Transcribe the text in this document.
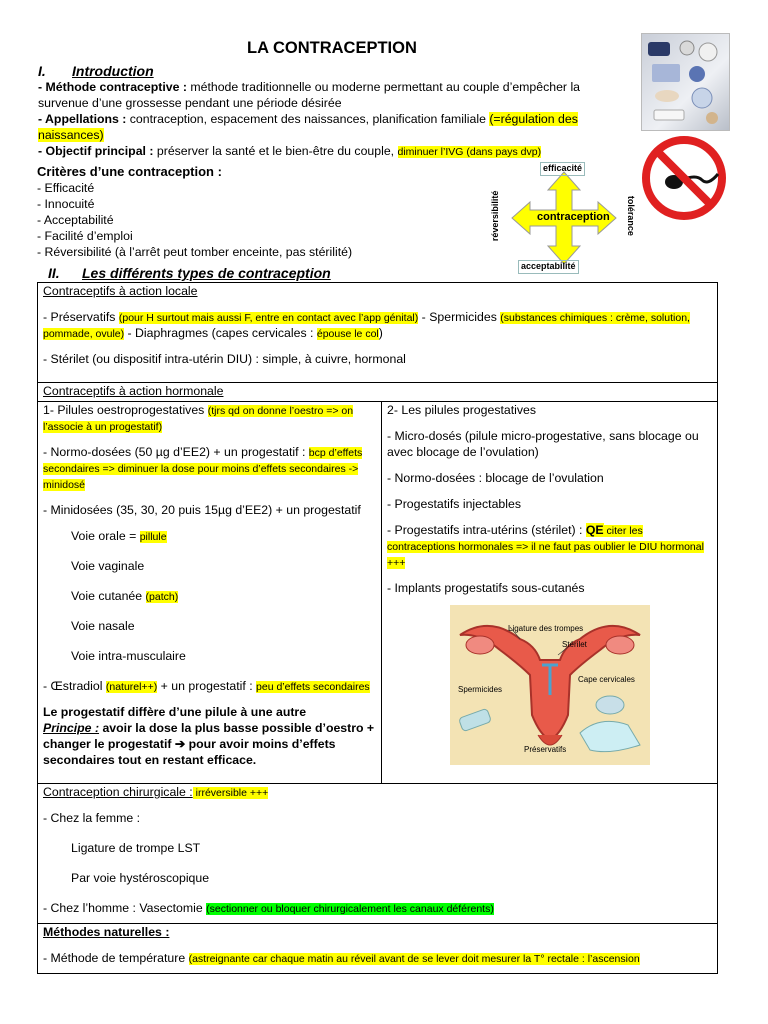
LA CONTRACEPTION
I. Introduction

- Méthode contraceptive : méthode traditionnelle ou moderne permettant au couple d’empêcher la survenue d’une grossesse pendant une période désirée

- Appellations : contraception, espacement des naissances, planification familiale (=régulation des naissances)

- Objectif principal : préserver la santé et le bien-être du couple, diminuer l’IVG (dans pays dvp)

Critères d’une contraception :

- Efficacité

- Innocuité

- Acceptabilité

- Facilité d’emploi

- Réversibilité (à l’arrêt peut tomber enceinte, pas stérilité)

contraception
efficacité
acceptabilité
réversibilité	tolérance
II. Les différents types de contraception

Contraceptifs à action locale

- Préservatifs (pour H surtout mais aussi F, entre en contact avec l’app génital) - Spermicides (substances chimiques : crème, solution, pommade, ovule) - Diaphragmes (capes cervicales : épouse le col)

- Stérilet (ou dispositif intra-utérin DIU) : simple, à cuivre, hormonal

Contraceptifs à action hormonale

1- Pilules oestroprogestatives (tjrs qd on donne l’oestro => on l’associe à un progestatif)

- Normo-dosées (50 µg d’EE2) + un progestatif : bcp d’effets secondaires => diminuer la dose pour moins d’effets secondaires -> minidosé

- Minidosées (35, 30, 20 puis 15µg d’EE2) + un progestatif

Voie orale = pillule

Voie vaginale

Voie cutanée (patch)

Voie nasale

Voie intra-musculaire

- Œstradiol (naturel++) + un progestatif : peu d’effets secondaires

Le progestatif diffère d’une pilule à une autre

Principe : avoir la dose la plus basse possible d’oestro + changer le progestatif ➔ pour avoir moins d’effets secondaires tout en restant efficace.

2- Les pilules progestatives

- Micro-dosés (pilule micro-progestative, sans blocage ou avec blocage de l’ovulation)

- Normo-dosées : blocage de l’ovulation

- Progestatifs injectables

- Progestatifs intra-utérins (stérilet) : QE citer les contraceptions hormonales => il ne faut pas oublier le DIU hormonal +++

- Implants progestatifs sous-cutanés

Contraception chirurgicale : irréversible +++

- Chez la femme :

Ligature de trompe LST

Par voie hystéroscopique

- Chez l’homme : Vasectomie (sectionner ou bloquer chirurgicalement les canaux déférents)

Méthodes naturelles :

- Méthode de température (astreignante car chaque matin au réveil avant de se lever doit mesurer la T° rectale : l’ascension

Ligature des trompes
Stérilet
Cape cervicales
Spermicides
Préservatifs
